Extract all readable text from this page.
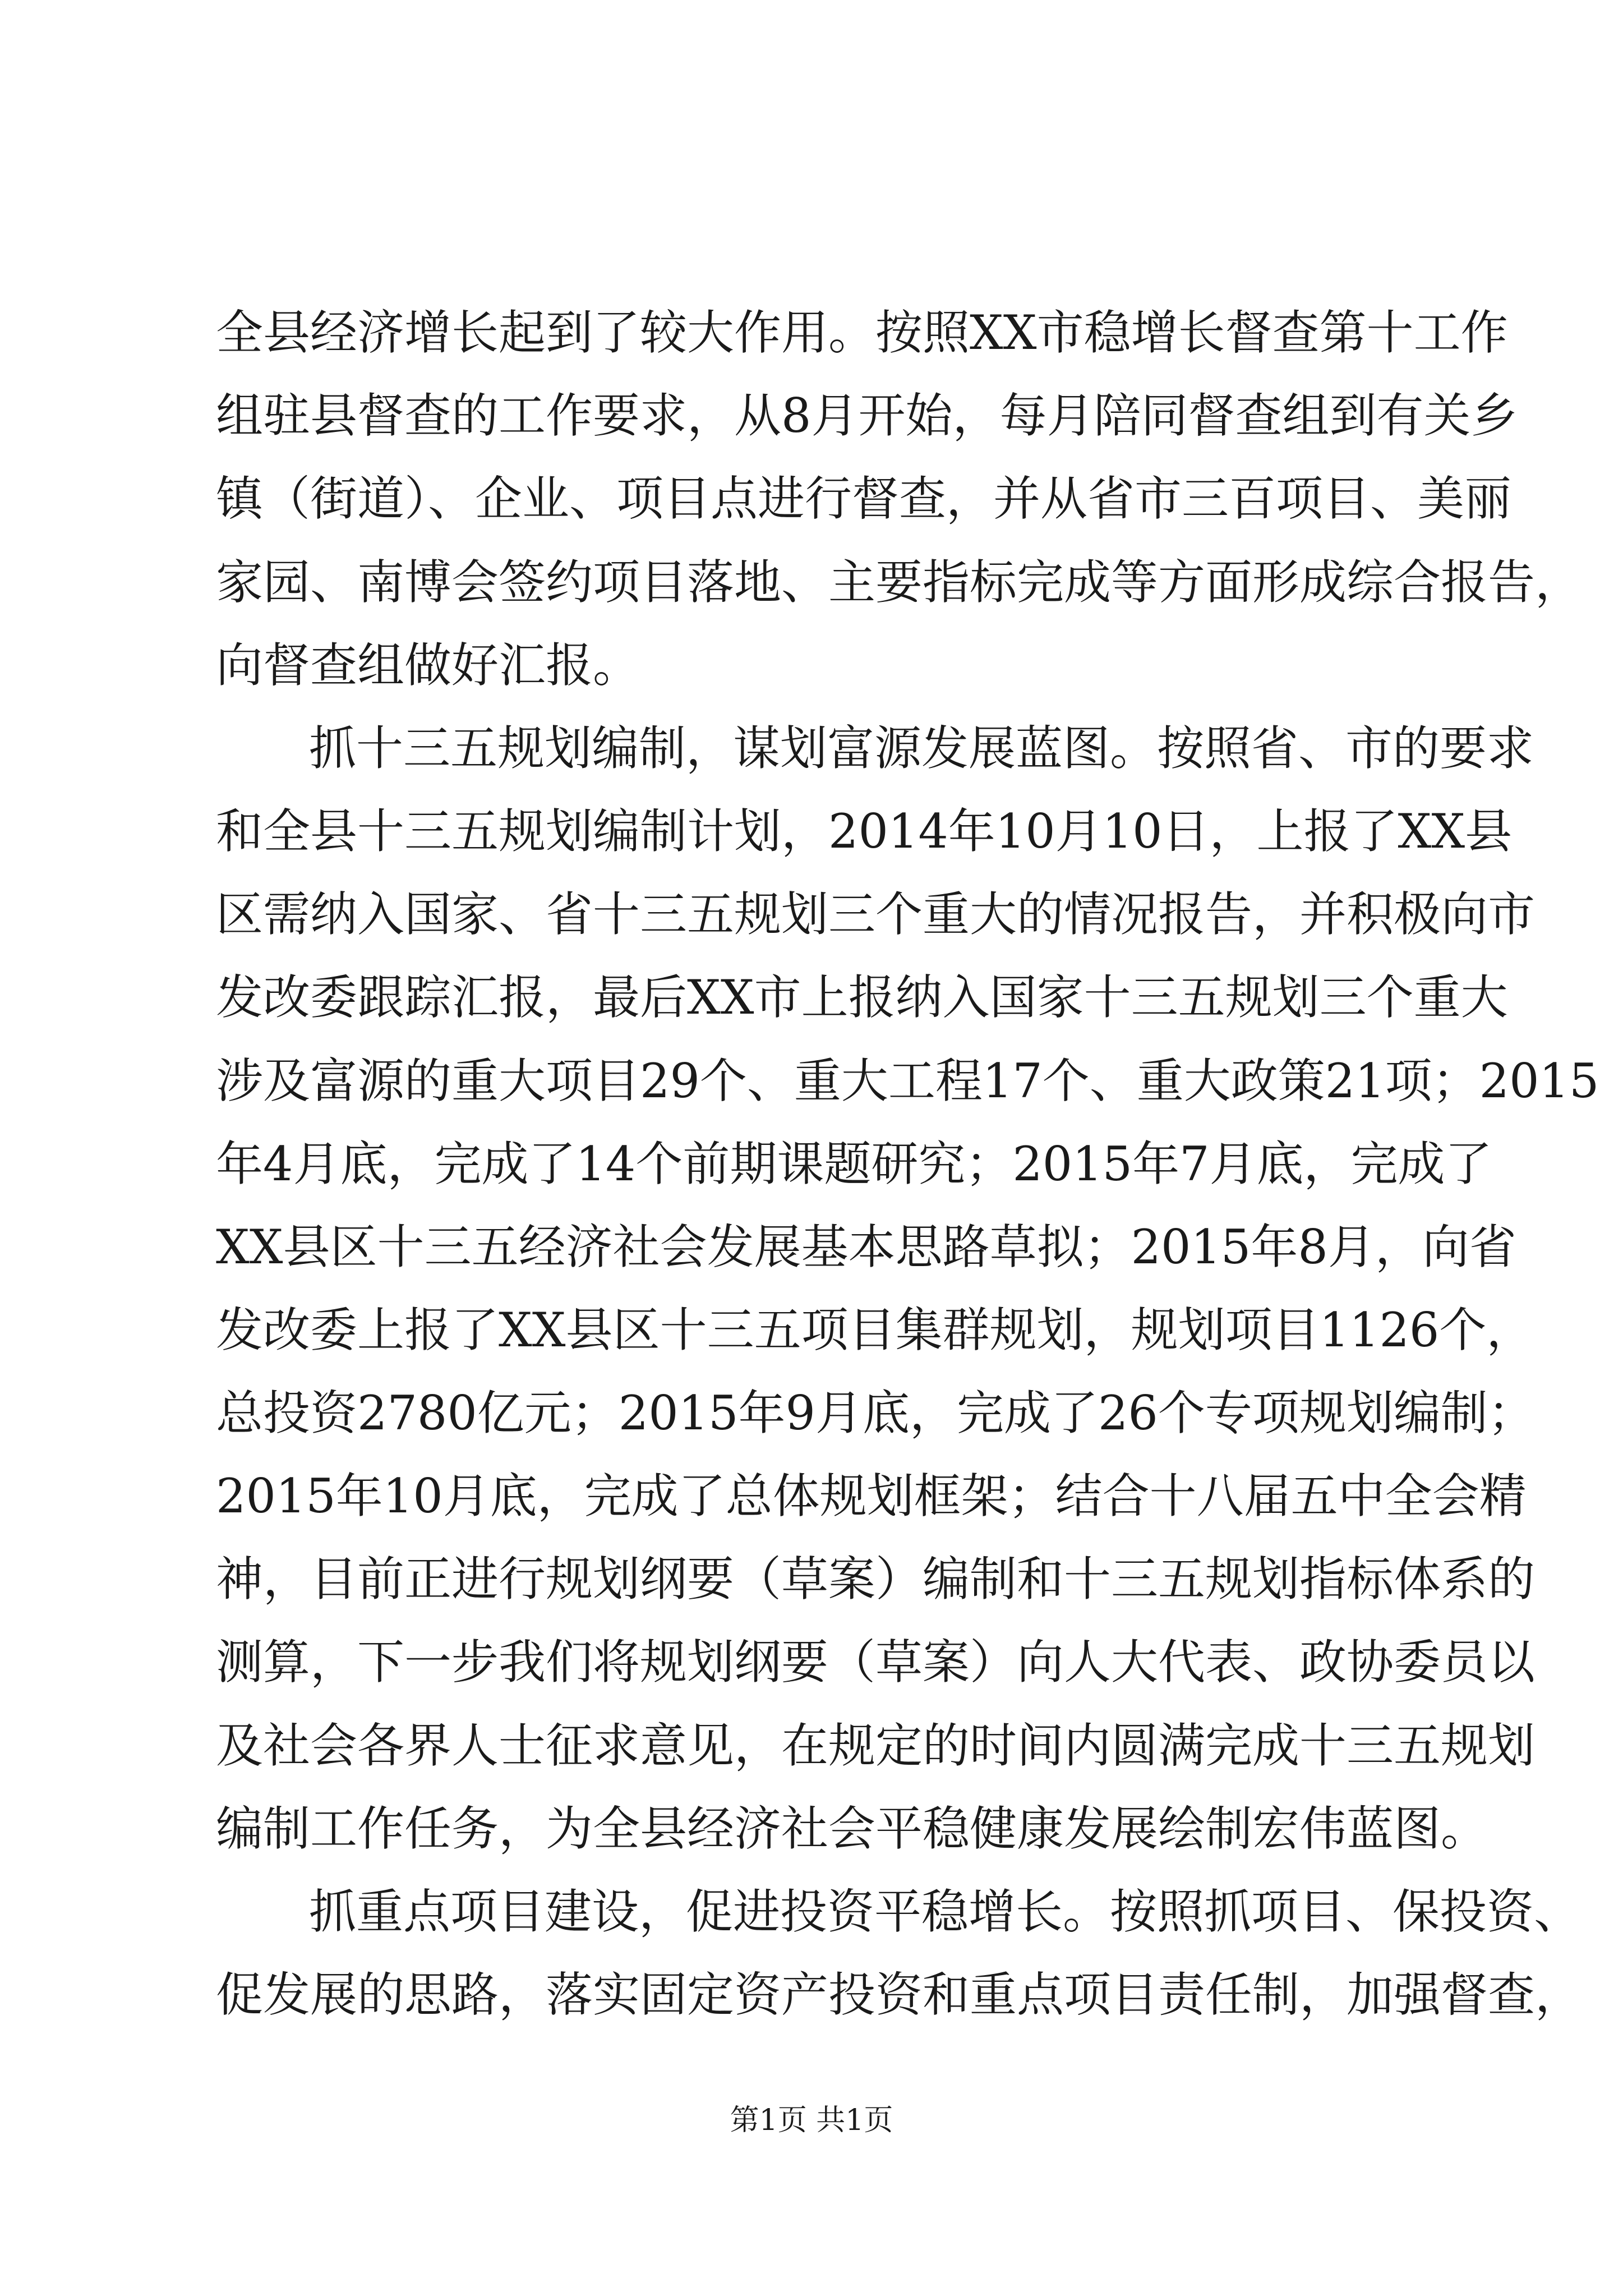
全县经济增长起到了较大作用。按照XX市稳增长督查第十工作
组驻县督查的工作要求，从8月开始，每月陪同督查组到有关乡
镇（街道）、企业、项目点进行督查，并从省市三百项目、美丽
家园、南博会签约项目落地、主要指标完成等方面形成综合报告，
向督查组做好汇报。
抓十三五规划编制，谋划富源发展蓝图。按照省、市的要求
和全县十三五规划编制计划，2014年10月10日，上报了XX县
区需纳入国家、省十三五规划三个重大的情况报告，并积极向市
发改委跟踪汇报，最后XX市上报纳入国家十三五规划三个重大
涉及富源的重大项目29个、重大工程17个、重大政策21项；2015
年4月底，完成了14个前期课题研究；2015年7月底，完成了
XX县区十三五经济社会发展基本思路草拟；2015年8月，向省
发改委上报了XX县区十三五项目集群规划，规划项目1126个，
总投资2780亿元；2015年9月底，完成了26个专项规划编制；
2015年10月底，完成了总体规划框架；结合十八届五中全会精
神，目前正进行规划纲要（草案）编制和十三五规划指标体系的
测算，下一步我们将规划纲要（草案）向人大代表、政协委员以
及社会各界人士征求意见，在规定的时间内圆满完成十三五规划
编制工作任务，为全县经济社会平稳健康发展绘制宏伟蓝图。
抓重点项目建设，促进投资平稳增长。按照抓项目、保投资、
促发展的思路，落实固定资产投资和重点项目责任制，加强督查，
第1页 共1页
